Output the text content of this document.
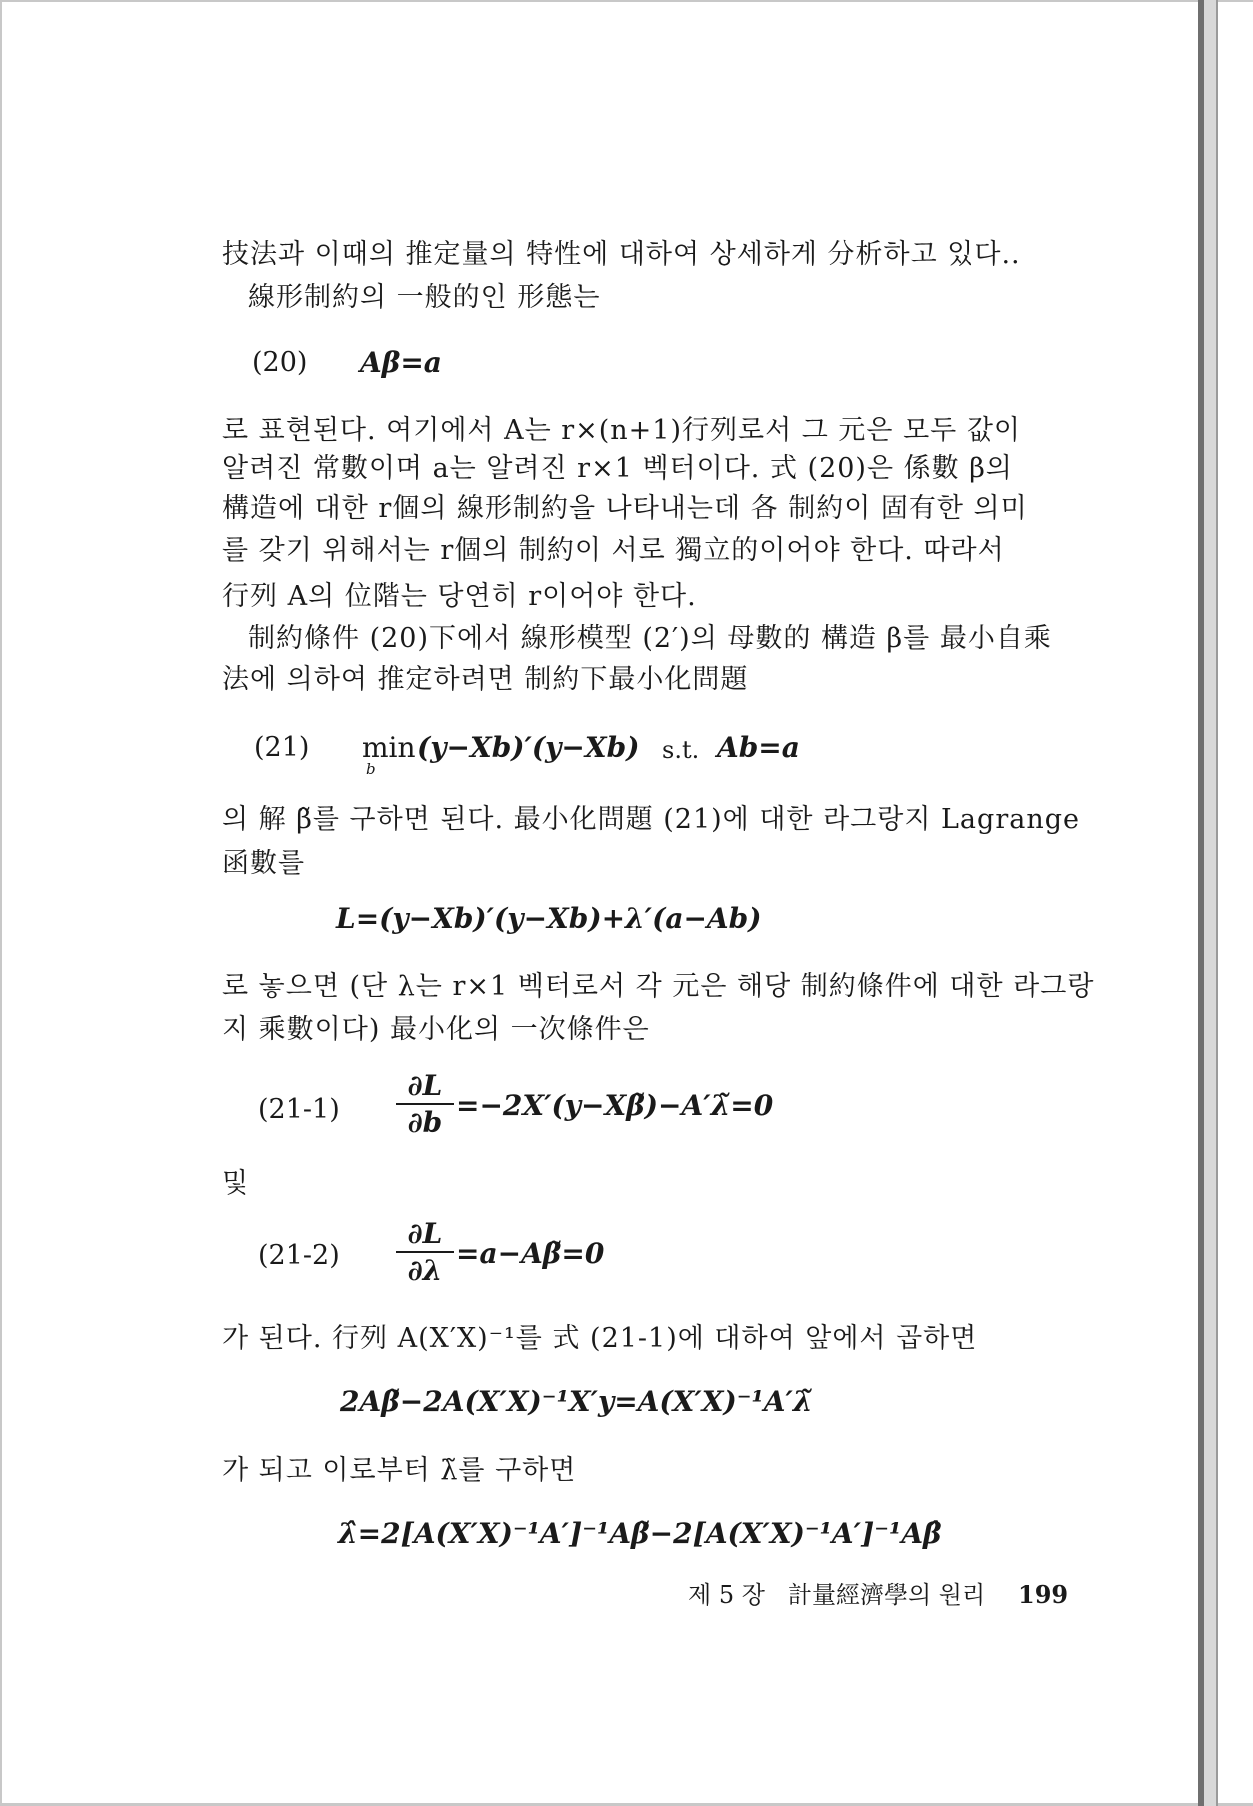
技法과 이때의 推定量의 特性에 대하여 상세하게 分析하고 있다..
線形制約의 一般的인 形態는
(20) Aβ=a
로 표현된다. 여기에서 A는 r×(n+1)行列로서 그 元은 모두 값이
알려진 常數이며 a는 알려진 r×1 벡터이다. 式 (20)은 係數 β의
構造에 대한 r個의 線形制約을 나타내는데 各 制約이 固有한 의미
를 갖기 위해서는 r個의 制約이 서로 獨立的이어야 한다. 따라서
行列 A의 位階는 당연히 r이어야 한다.
制約條件 (20)下에서 線形模型 (2′)의 母數的 構造 β를 最小自乘
法에 의하여 推定하려면 制約下最小化問題
(21) min
b
(y−Xb)′(y−Xb) s.t. Ab=a
의 解 β̃를 구하면 된다. 最小化問題 (21)에 대한 라그랑지 Lagrange
函數를
L=(y−Xb)′(y−Xb)+λ′(a−Ab)
로 놓으면 (단 λ는 r×1 벡터로서 각 元은 해당 制約條件에 대한 라그랑
지 乘數이다) 最小化의 一次條件은
(21-1)
∂L
∂b
=−2X′(y−Xβ̃)−A′λ̃=0
및
(21-2)
∂L
∂λ
=a−Aβ̃=0
가 된다. 行列 A(X′X)⁻¹를 式 (21-1)에 대하여 앞에서 곱하면
2Aβ̃−2A(X′X)⁻¹X′y=A(X′X)⁻¹A′λ̃
가 되고 이로부터 λ̃를 구하면
λ̂=2[A(X′X)⁻¹A′]⁻¹Aβ̃−2[A(X′X)⁻¹A′]⁻¹Aβ̂
제 5 장 計量經濟學의 원리 199
